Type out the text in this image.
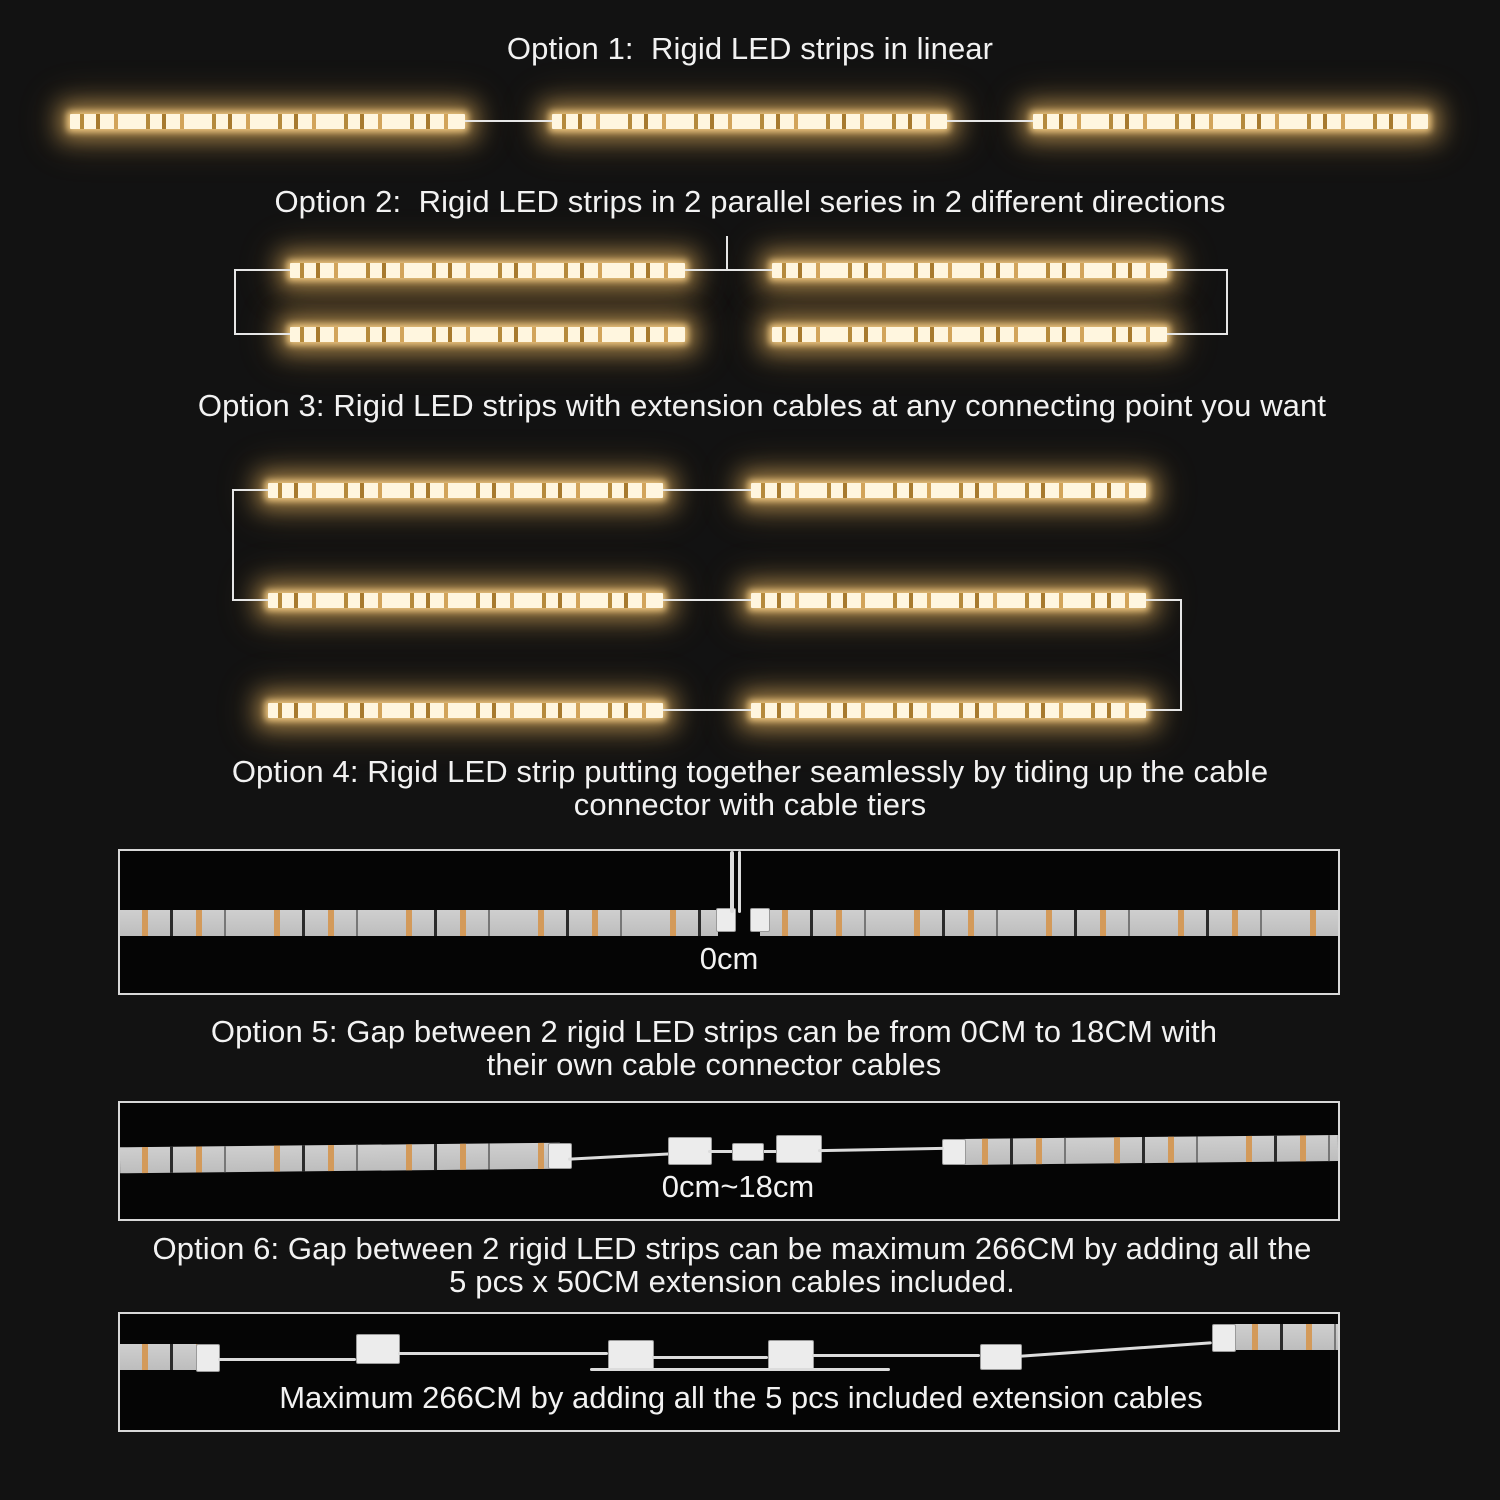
Option 1:  Rigid LED strips in linear
Option 2:  Rigid LED strips in 2 parallel series in 2 different directions
Option 3: Rigid LED strips with extension cables at any connecting point you want
Option 4: Rigid LED strip putting together seamlessly by tiding up the cable
connector with cable tiers
0cm
Option 5: Gap between 2 rigid LED strips can be from 0CM to 18CM with
their own cable connector cables
0cm~18cm
Option 6: Gap between 2 rigid LED strips can be maximum 266CM by adding all the
5 pcs x 50CM extension cables included.
Maximum 266CM by adding all the 5 pcs included extension cables
